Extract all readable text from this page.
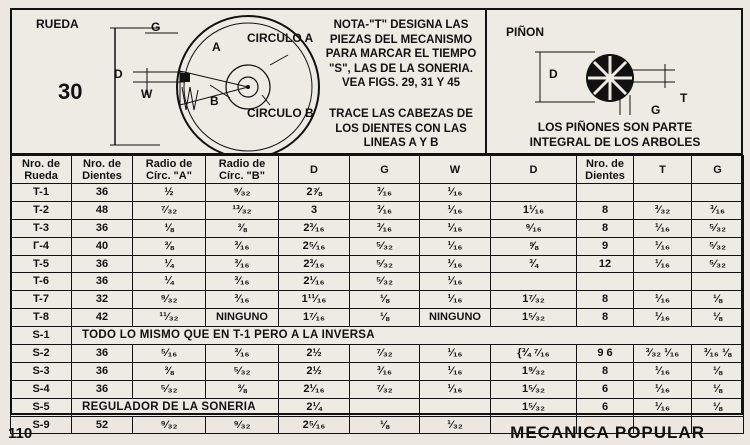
RUEDA
30
G
D
W
A
B
CIRCULO A
CIRCULO B
NOTA-"T" DESIGNA LAS
PIEZAS DEL MECANISMO
PARA MARCAR EL TIEMPO
"S", LAS DE LA SONERIA.
VEA FIGS. 29, 31 Y 45
TRACE LAS CABEZAS DE
LOS DIENTES CON LAS
LINEAS A Y B
PIÑON
D
T
G
LOS PIÑONES SON PARTE
INTEGRAL DE LOS ARBOLES
Nro. de Rueda	Nro. de Dientes	Radio de Círc. "A"	Radio de Círc. "B"	D	G	W	D	Nro. de Dientes	T	G
T-1	36	½	⁹⁄₃₂	2⅞	³⁄₁₆	¹⁄₁₆				
T-2	48	⁷⁄₃₂	¹³⁄₃₂	3	³⁄₁₆	¹⁄₁₆	1¹⁄₁₆	8	³⁄₃₂	³⁄₁₆
T-3	36	⅛	⅜	2³⁄₁₆	³⁄₁₆	¹⁄₁₆	⁹⁄₁₆	8	¹⁄₁₆	⁵⁄₃₂
Г-4	40	⅜	³⁄₁₆	2⁵⁄₁₆	⁵⁄₃₂	¹⁄₁₆	⅝	9	¹⁄₁₆	⁵⁄₃₂
T-5	36	¼	³⁄₁₆	2³⁄₁₆	⁵⁄₃₂	¹⁄₁₆	¾	12	¹⁄₁₆	⁵⁄₃₂
T-6	36	¼	³⁄₁₆	2¹⁄₁₆	⁵⁄₃₂	¹⁄₁₆				
T-7	32	⁹⁄₃₂	³⁄₁₆	1¹¹⁄₁₆	⅛	¹⁄₁₆	1⁷⁄₃₂	8	¹⁄₁₆	⅛
T-8	42	¹¹⁄₃₂	NINGUNO	1⁷⁄₁₆	⅛	NINGUNO	1⁵⁄₃₂	8	¹⁄₁₆	⅛
S-1	TODO LO MISMO QUE EN T-1 PERO A LA INVERSA									
S-2	36	⁵⁄₁₆	³⁄₁₆	2½	⁷⁄₃₂	¹⁄₁₆	{¾ ⁷⁄₁₆	9 6	³⁄₃₂ ¹⁄₁₆	³⁄₁₆ ⅛
S-3	36	⅜	⁵⁄₃₂	2½	³⁄₁₆	¹⁄₁₆	1⁹⁄₃₂	8	¹⁄₁₆	⅛
S-4	36	⁵⁄₃₂	⅜	2¹⁄₁₆	⁷⁄₃₂	¹⁄₁₆	1⁵⁄₃₂	6	¹⁄₁₆	⅛
S-5	REGULADOR DE LA SONERIA			2¼			1⁵⁄₃₂	6	¹⁄₁₆	⅛
S-9	52	⁹⁄₃₂	⁹⁄₃₂	2⁵⁄₁₆	⅛	¹⁄₃₂				
110	MECANICA POPULAR
